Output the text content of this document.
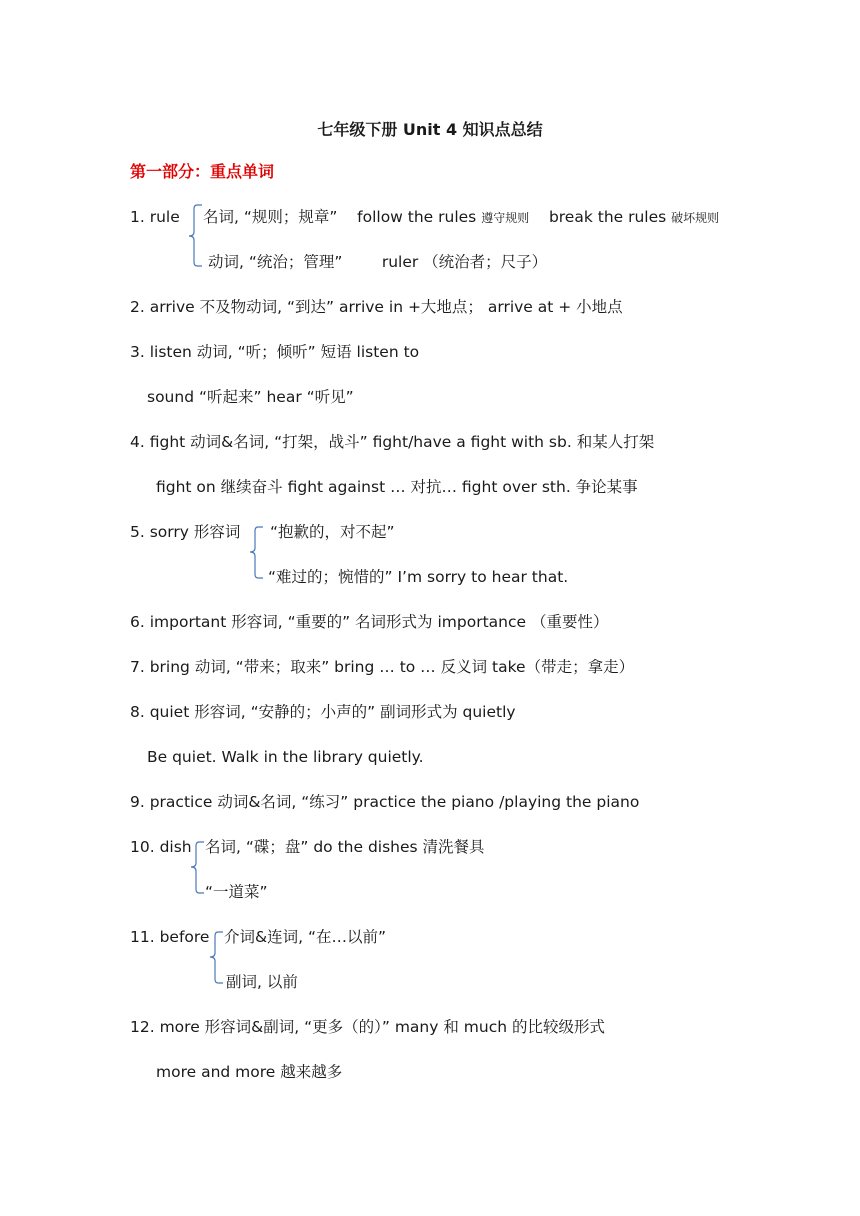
七年级下册 Unit 4 知识点总结
第一部分：重点单词
1. rule 名词, “规则；规章” follow the rules 遵守规则 break the rules 破坏规则
动词, “统治；管理”	ruler （统治者；尺子）
2. arrive 不及物动词, “到达” arrive in +大地点； arrive at + 小地点
3. listen 动词, “听；倾听” 短语 listen to
sound “听起来” hear “听见”
4. fight 动词&名词, “打架，战斗” fight/have a fight with sb. 和某人打架
fight on 继续奋斗 fight against … 对抗… fight over sth. 争论某事
5. sorry 形容词 “抱歉的，对不起”
“难过的；惋惜的” I’m sorry to hear that.
6. important 形容词, “重要的” 名词形式为 importance （重要性）
7. bring 动词, “带来；取来” bring … to … 反义词 take（带走；拿走）
8. quiet 形容词, “安静的；小声的” 副词形式为 quietly
Be quiet. Walk in the library quietly.
9. practice 动词&名词, “练习” practice the piano /playing the piano
10. dish 名词, “碟；盘” do the dishes 清洗餐具
“一道菜”
11. before 介词&连词, “在…以前”
副词, 以前
12. more 形容词&副词, “更多（的）” many 和 much 的比较级形式
more and more 越来越多
